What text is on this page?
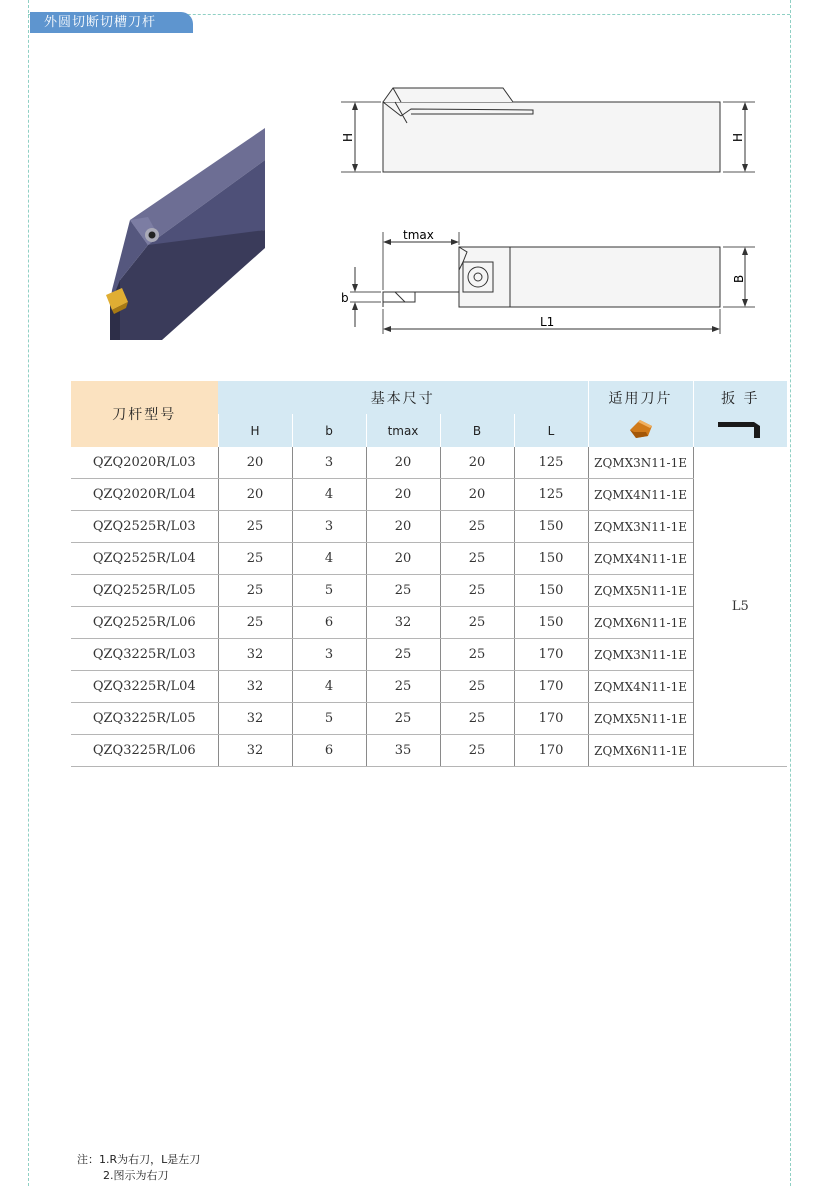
外圆切断切槽刀杆
H	H
tmax
L1
b
B
刀杆型号	基本尺寸					适用刀片	扳 手
	H	b	tmax	B	L		
QZQ2020R/L03	20	3	20	20	125	ZQMX3N11-1E	L5
QZQ2020R/L04	20	4	20	20	125	ZQMX4N11-1E	
QZQ2525R/L03	25	3	20	25	150	ZQMX3N11-1E	
QZQ2525R/L04	25	4	20	25	150	ZQMX4N11-1E	
QZQ2525R/L05	25	5	25	25	150	ZQMX5N11-1E	
QZQ2525R/L06	25	6	32	25	150	ZQMX6N11-1E	
QZQ3225R/L03	32	3	25	25	170	ZQMX3N11-1E	
QZQ3225R/L04	32	4	25	25	170	ZQMX4N11-1E	
QZQ3225R/L05	32	5	25	25	170	ZQMX5N11-1E	
QZQ3225R/L06	32	6	35	25	170	ZQMX6N11-1E	
注：1.R为右刀，L是左刀
2.图示为右刀
